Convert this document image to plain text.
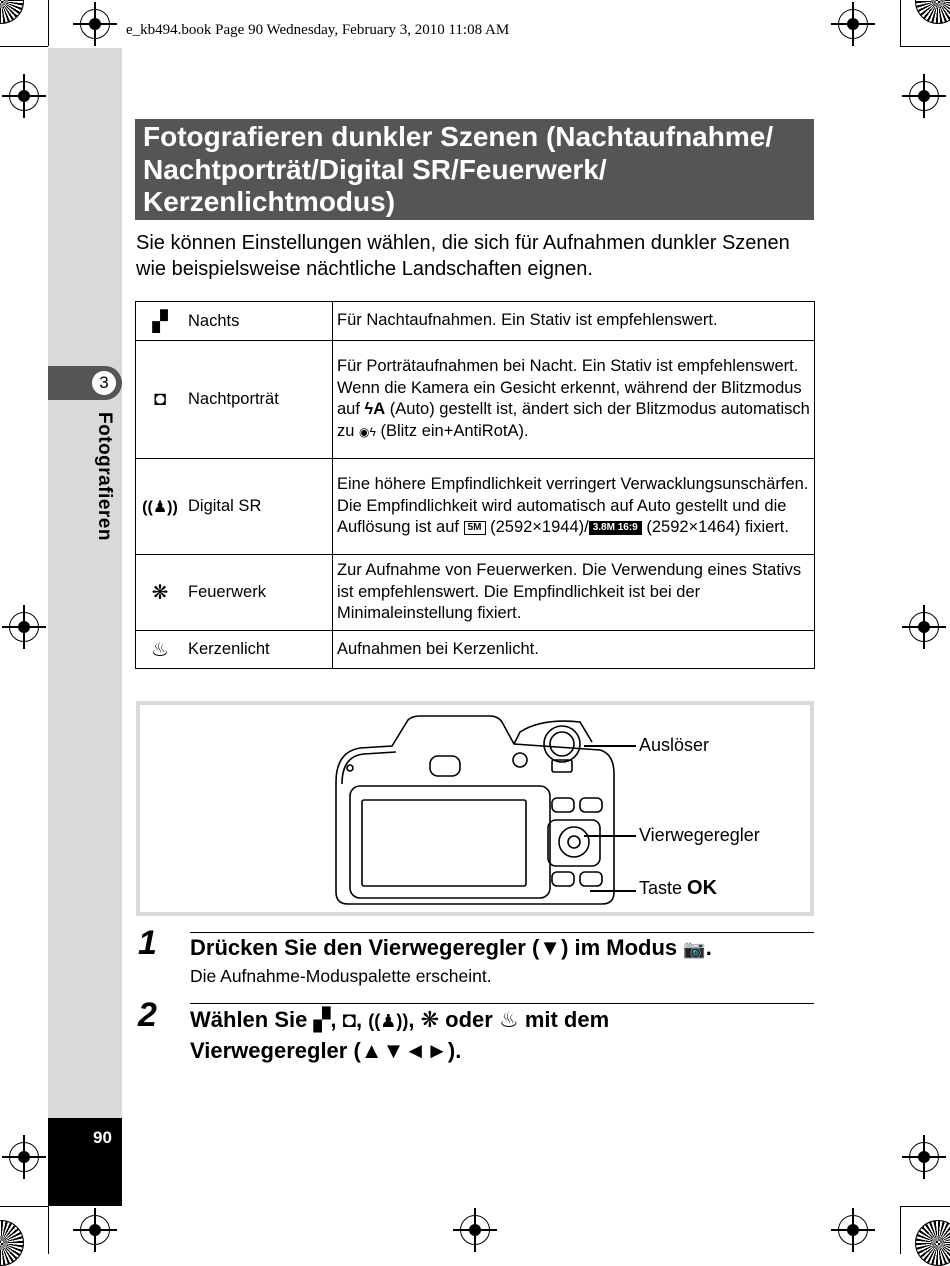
e_kb494.book Page 90 Wednesday, February 3, 2010 11:08 AM
3
Fotografieren
90
Fotografieren dunkler Szenen (Nachtaufnahme/ Nachtporträt/Digital SR/Feuerwerk/ Kerzenlichtmodus)
Sie können Einstellungen wählen, die sich für Aufnahmen dunkler Szenen wie beispielsweise nächtliche Landschaften eignen.
▞ Nachts	Für Nachtaufnahmen. Ein Stativ ist empfehlenswert.

◘ Nachtporträt	Für Porträtaufnahmen bei Nacht. Ein Stativ ist empfehlenswert.
Wenn die Kamera ein Gesicht erkennt, während der Blitzmodus auf ϟA (Auto) gestellt ist, ändert sich der Blitzmodus automatisch zu ◉ϟ (Blitz ein+AntiRotA).

((♟)) Digital SR	Eine höhere Empfindlichkeit verringert Verwacklungsunschärfen. Die Empfindlichkeit wird automatisch auf Auto gestellt und die Auflösung ist auf 5M (2592×1944)/ 3.8M 16:9 (2592×1464) fixiert.

❋ Feuerwerk	Zur Aufnahme von Feuerwerken. Die Verwendung eines Stativs ist empfehlenswert. Die Empfindlichkeit ist bei der Minimaleinstellung fixiert.

♨ Kerzenlicht	Aufnahmen bei Kerzenlicht.
Auslöser
Vierwegeregler
Taste OK
1 Drücken Sie den Vierwegeregler (▼) im Modus 📷.
Die Aufnahme-Moduspalette erscheint.
2 Wählen Sie ▞, ◘, ((♟)), ❋ oder ♨ mit dem
Vierwegeregler (▲▼◄►).
